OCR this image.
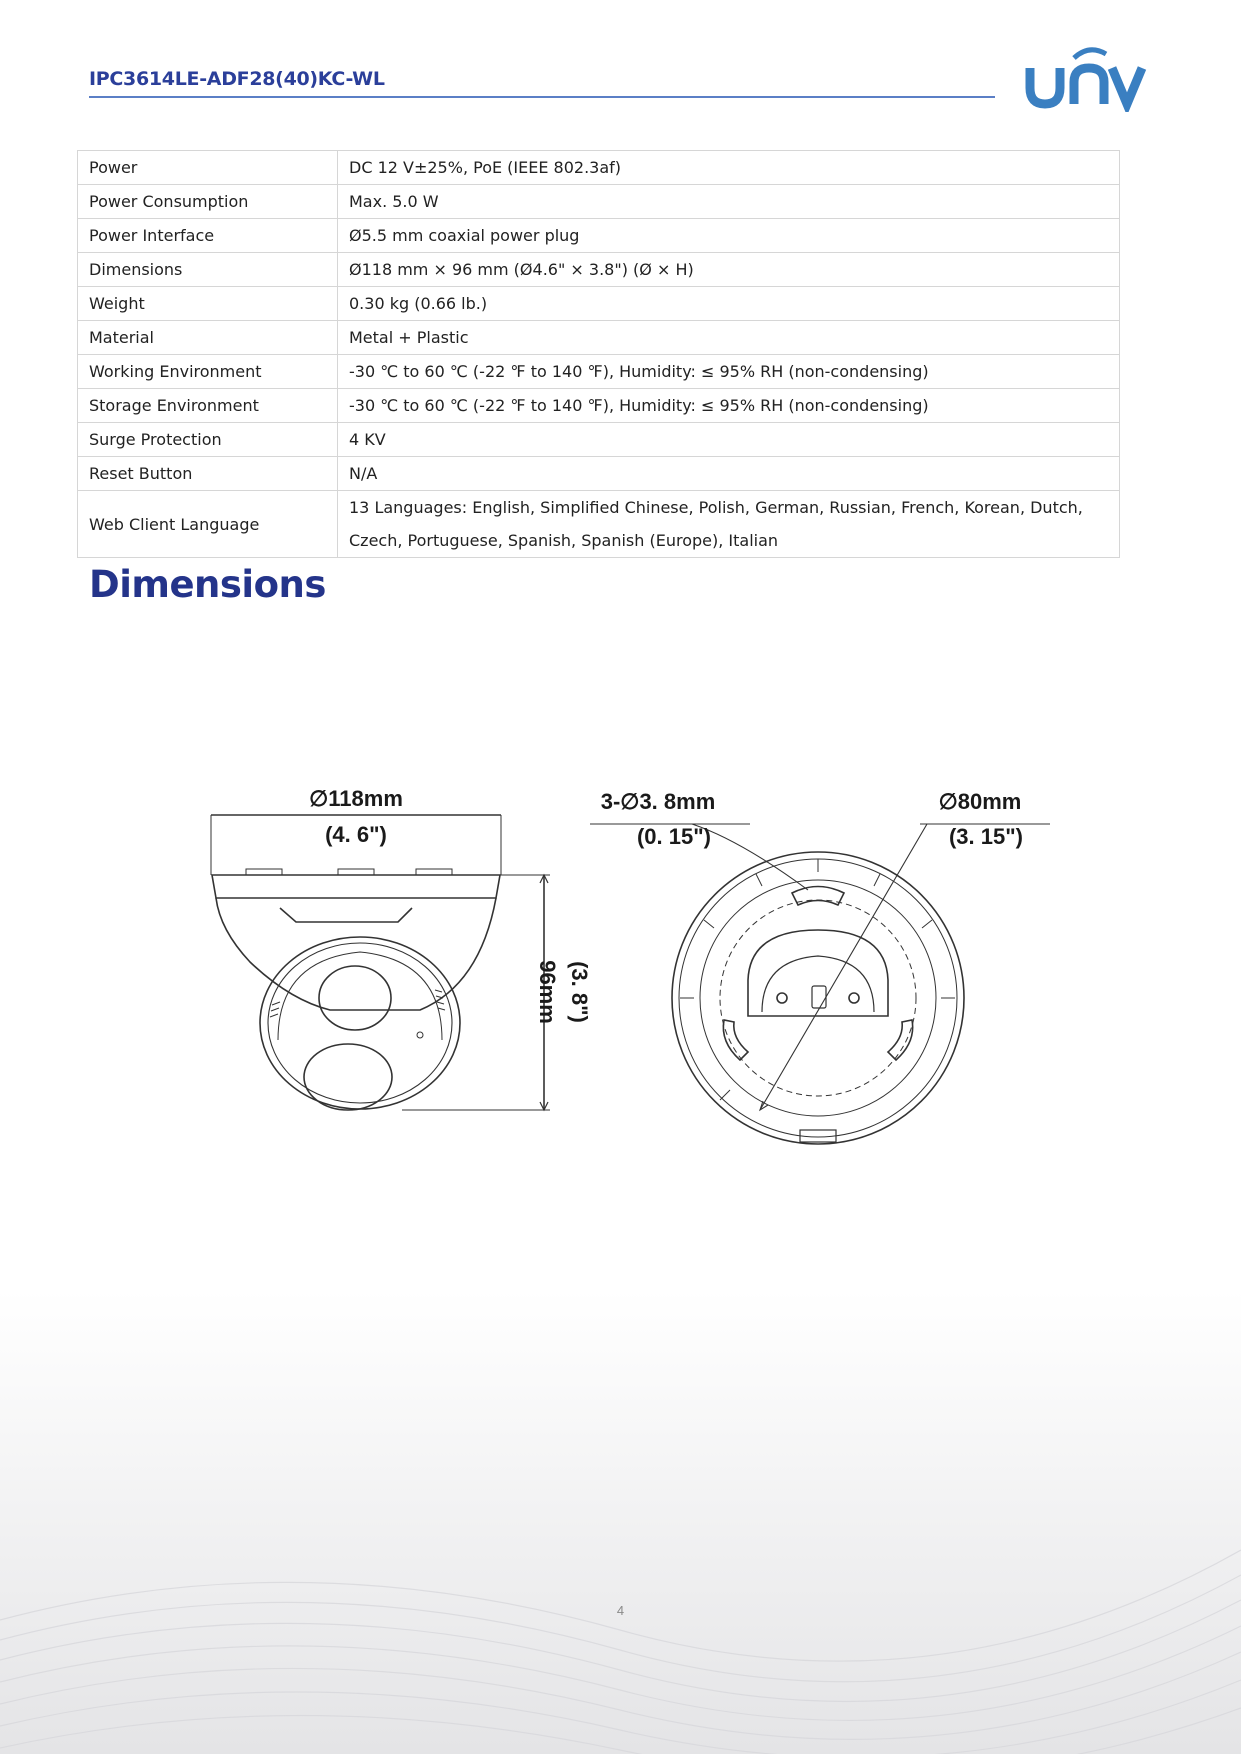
IPC3614LE-ADF28(40)KC-WL
Power	DC 12 V±25%, PoE (IEEE 802.3af)
Power Consumption	Max. 5.0 W
Power Interface	Ø5.5 mm coaxial power plug
Dimensions	Ø118 mm × 96 mm (Ø4.6" × 3.8") (Ø × H)
Weight	0.30 kg (0.66 lb.)
Material	Metal + Plastic
Working Environment	-30 ℃ to 60 ℃ (-22 ℉ to 140 ℉), Humidity: ≤ 95% RH (non-condensing)
Storage Environment	-30 ℃ to 60 ℃ (-22 ℉ to 140 ℉), Humidity: ≤ 95% RH (non-condensing)
Surge Protection	4 KV
Reset Button	N/A
Web Client Language	13 Languages: English, Simplified Chinese, Polish, German, Russian, French, Korean, Dutch,
Czech, Portuguese, Spanish, Spanish (Europe), Italian
Dimensions
∅118mm
(4. 6")
96mm (3. 8")
3-∅3. 8mm
(0. 15")
∅80mm
(3. 15")
4
